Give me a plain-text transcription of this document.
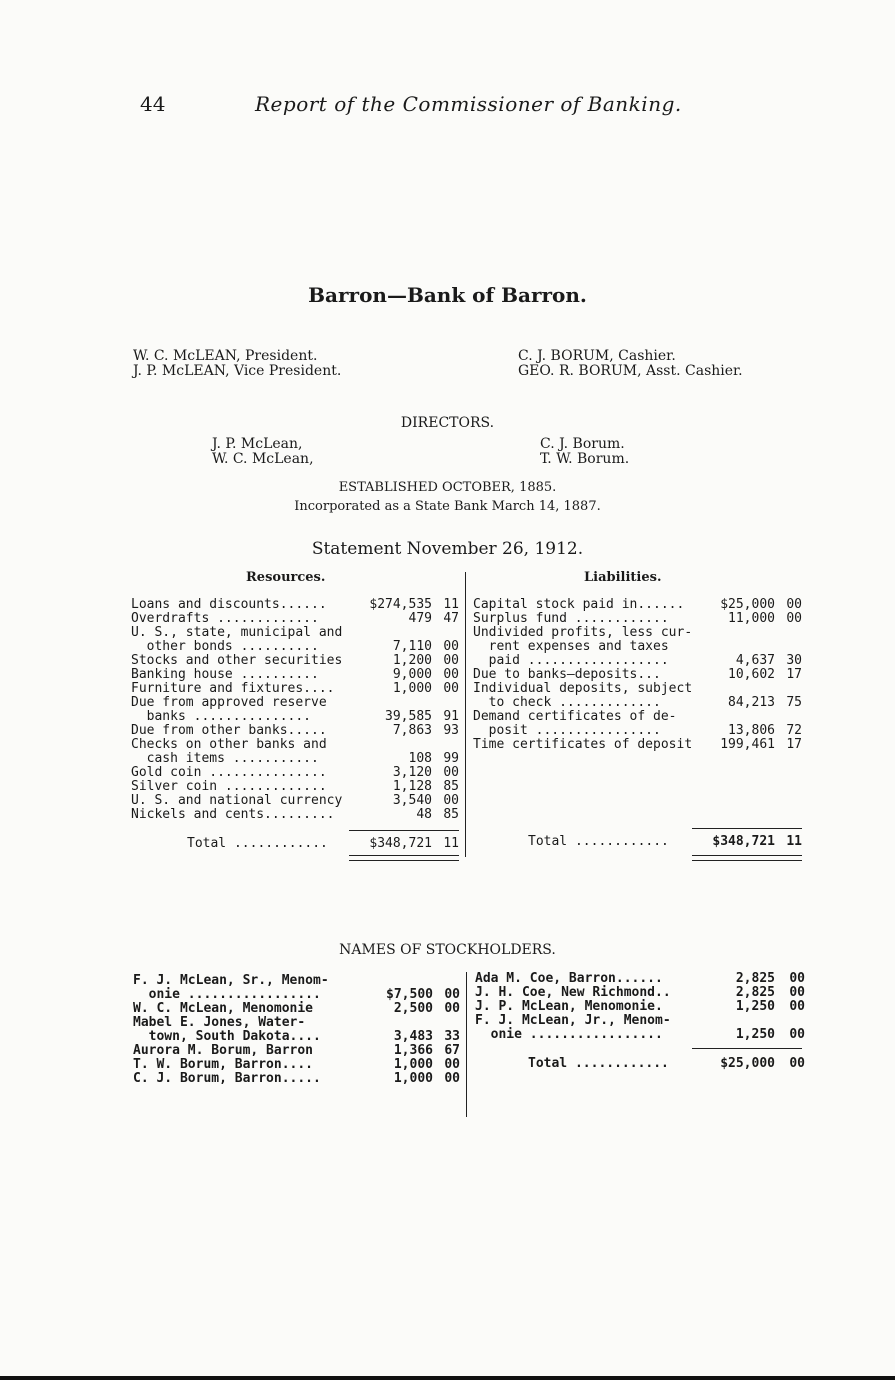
44	Report of the Commissioner of Banking.
Barron—Bank of Barron.
W. C. McLEAN, President.
J. P. McLEAN, Vice President.
C. J. BORUM, Cashier.
GEO. R. BORUM, Asst. Cashier.
DIRECTORS.
J. P. McLean,
W. C. McLean,
C. J. Borum.
T. W. Borum.
ESTABLISHED OCTOBER, 1885.
Incorporated as a State Bank March 14, 1887.
Statement November 26, 1912.
Resources.	Liabilities.
Loans and discounts......	$274,535 11
Overdrafts .............	479 47
U. S., state, municipal and
other bonds ..........	7,110 00
Stocks and other securities	1,200 00
Banking house ..........	9,000 00
Furniture and fixtures....	1,000 00
Due from approved reserve
banks ...............	39,585 91
Due from other banks.....	7,863 93
Checks on other banks and
cash items ...........	108 99
Gold coin ...............	3,120 00
Silver coin .............	1,128 85
U. S. and national currency	3,540 00
Nickels and cents.........	48 85
Capital stock paid in......	$25,000 00
Surplus fund ............	11,000 00
Undivided profits, less cur-
rent expenses and taxes
paid ..................	4,637 30
Due to banks—deposits...	10,602 17
Individual deposits, subject
to check .............	84,213 75
Demand certificates of de-
posit ................	13,806 72
Time certificates of deposit 199,461 17
Total ............	$348,721 11	Total ............	$348,721 11
NAMES OF STOCKHOLDERS.
F. J. McLean, Sr., Menom-
onie .................	$7,500 00
W. C. McLean, Menomonie	2,500 00
Mabel E. Jones, Water-
town, South Dakota....	3,483 33
Aurora M. Borum, Barron	1,366 67
T. W. Borum, Barron....	1,000 00
C. J. Borum, Barron.....	1,000 00
Ada M. Coe, Barron......	2,825 00
J. H. Coe, New Richmond..	2,825 00
J. P. McLean, Menomonie.	1,250 00
F. J. McLean, Jr., Menom-
onie .................	1,250 00
Total ............	$25,000 00
